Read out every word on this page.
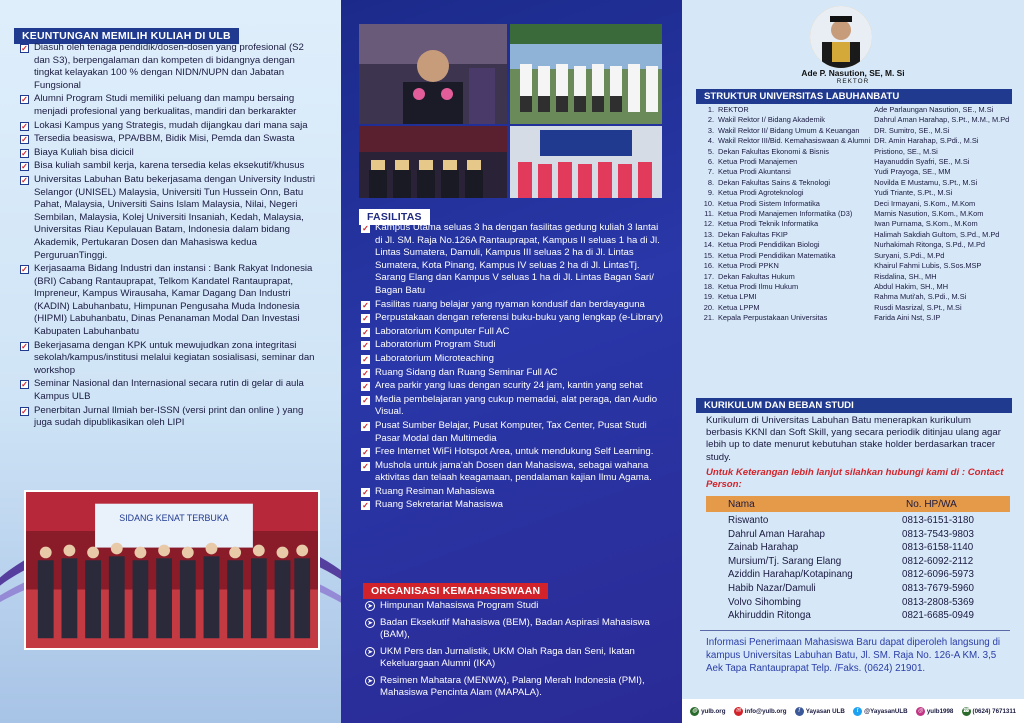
KEUNTUNGAN MEMILIH KULIAH DI ULB
✓ Diasuh oleh tenaga pendidik/dosen-dosen yang profesional (S2 dan S3), berpengalaman dan kompeten di bidangnya dengan tingkat kelayakan 100 % dengan NIDN/NUPN dan Jabatan Fungsional
✓ Alumni Program Studi memiliki peluang dan mampu bersaing menjadi profesional yang berkualitas, mandiri dan berkarakter
✓ Lokasi Kampus yang Strategis, mudah dijangkau dari mana saja
✓ Tersedia beasiswa, PPA/BBM, Bidik Misi, Pemda dan Swasta
✓ Biaya Kuliah bisa dicicil
✓ Bisa kuliah sambil kerja, karena tersedia kelas eksekutif/khusus
✓ Universitas Labuhan Batu bekerjasama dengan University Industri Selangor (UNISEL) Malaysia, Universiti Tun Hussein Onn, Batu Pahat, Malaysia, Universiti Sains Islam Malaysia, Nilai, Negeri Sembilan, Malaysia, Kolej Universiti Insaniah, Kedah, Malaysia, Universitas Riau Kepulauan Batam, Indonesia dalam bidang Akademik, Pertukaran Dosen dan Mahasiswa kedua PerguruanTinggi.
✓ Kerjasaama Bidang Industri dan instansi : Bank Rakyat Indonesia (BRI) Cabang Rantauprapat, Telkom Kandatel Rantauprapat, Impreneur, Kampus Wirausaha, Kamar Dagang Dan Industri (KADIN) Labuhanbatu, Himpunan Pengusaha Muda Indonesia (HIPMI) Labuhanbatu, Dinas Penanaman Modal Dan Investasi Kabupaten Labuhanbatu
✓ Bekerjasama dengan KPK untuk mewujudkan zona integritasi sekolah/kampus/institusi melalui kegiatan sosialisasi, seminar dan workshop
✓ Seminar Nasional dan Internasional secara rutin di gelar di aula Kampus ULB
✓ Penerbitan Jurnal Ilmiah ber-ISSN (versi print dan online ) yang juga sudah dipublikasikan oleh LIPI
SIDANG KENAT TERBUKA
FASILITAS
✓ Kampus Utama seluas 3 ha dengan fasilitas gedung kuliah 3 lantai di Jl. SM. Raja No.126A Rantauprapat, Kampus II seluas 1 ha di Jl. Lintas Sumatera, Damuli, Kampus III seluas 2 ha di Jl. Lintas Sumatera, Kota Pinang, Kampus IV seluas 2 ha di Jl. LintasTj. Sarang Elang dan Kampus V seluas 1 ha di Jl. Lintas Bagan Sari/ Bagan Batu
✓ Fasilitas ruang belajar yang nyaman kondusif dan berdayaguna
✓ Perpustakaan dengan referensi buku-buku yang lengkap (e-Library)
✓ Laboratorium Komputer Full AC
✓ Laboratorium Program Studi
✓ Laboratorium Microteaching
✓ Ruang Sidang dan Ruang Seminar Full AC
✓ Area parkir yang luas dengan scurity 24 jam, kantin yang sehat
✓ Media pembelajaran yang cukup memadai, alat peraga, dan Audio Visual.
✓ Pusat Sumber Belajar, Pusat Komputer, Tax Center, Pusat Studi Pasar Modal dan Multimedia
✓ Free Internet WiFi Hotspot Area, untuk mendukung Self Learning.
✓ Mushola untuk jama'ah Dosen dan Mahasiswa, sebagai wahana aktivitas dan telaah keagamaan, pendalaman kajian Ilmu Agama.
✓ Ruang Resiman Mahasiswa
✓ Ruang Sekretariat Mahasiswa
ORGANISASI KEMAHASISWAAN
➤ Himpunan Mahasiswa Program Studi
➤ Badan Eksekutif Mahasiswa (BEM), Badan Aspirasi Mahasiswa (BAM),
➤ UKM Pers dan Jurnalistik, UKM Olah Raga dan Seni, Ikatan Kekeluargaan Alumni (IKA)
➤ Resimen Mahatara (MENWA), Palang Merah Indonesia (PMI), Mahasiswa Pencinta Alam (MAPALA).
Ade P. Nasution, SE, M. Si
REKTOR
STRUKTUR UNIVERSITAS LABUHANBATU
1.	REKTOR	Ade Parlaungan Nasution, SE., M.Si
2.	Wakil Rektor I/ Bidang Akademik	Dahrul Aman Harahap, S.Pt., M.M., M.Pd
3.	Wakil Rektor II/ Bidang Umum & Keuangan	DR. Sumitro, SE., M.Si
4.	Wakil Rektor III/Bid. Kemahasiswaan & Alumni	DR. Amin Harahap, S.Pdi., M.Si
5.	Dekan Fakultas Ekonomi & Bisnis	Pristiono, SE., M.Si
6.	Ketua Prodi Manajemen	Hayanuddin Syafri, SE., M.Si
7.	Ketua Prodi Akuntansi	Yudi Prayoga, SE., MM
8.	Dekan Fakultas Sains & Teknologi	Novilda E Mustamu, S.Pt., M.Si
9.	Ketua Prodi Agroteknologi	Yudi Triante, S.Pt., M.Si
10.	Ketua Prodi Sistem Informatika	Deci Irmayani, S.Kom., M.Kom
11.	Ketua Prodi Manajemen Informatika (D3)	Marnis Nasution, S.Kom., M.Kom
12.	Ketua Prodi Teknik Informatika	Iwan Purnama, S.Kom., M.Kom
13.	Dekan Fakultas FKIP	Halimah Sakdiah Gultom, S.Pd., M.Pd
14.	Ketua Prodi Pendidikan Biologi	Nurhakimah Ritonga, S.Pd., M.Pd
15.	Ketua Prodi Pendidikan Matematika	Suryani, S.Pdi., M.Pd
16.	Ketua Prodi PPKN	Khairul Fahmi Lubis, S.Sos.MSP
17.	Dekan Fakultas Hukum	Risdalina, SH., MH
18.	Ketua Prodi Ilmu Hukum	Abdul Hakim, SH., MH
19.	Ketua LPMI	Rahma Muti'ah, S.Pdi., M.Si
20.	Ketua LPPM	Rusdi Masrizal, S.Pt., M.Si
21.	Kepala Perpustakaan Universitas	Farida Aini Nst, S.IP
KURIKULUM DAN BEBAN STUDI
Kurikulum di Universitas Labuhan Batu menerapkan kurikulum berbasis KKNI dan Soft Skill, yang secara periodik ditinjau ulang agar lebih up to date menurut kebutuhan stake holder berdasarkan tracer study.
Untuk Keterangan lebih lanjut silahkan hubungi kami di : Contact Person:
Nama	No. HP/WA
Riswanto	0813-6151-3180
Dahrul Aman Harahap	0813-7543-9803
Zainab Harahap	0813-6158-1140
Mursium/Tj. Sarang Elang	0812-6092-2112
Aziddin Harahap/Kotapinang	0812-6096-5973
Habib Nazar/Damuli	0813-7679-5960
Volvo Sihombing	0813-2808-5369
Akhiruddin Ritonga	0821-6685-0949
Informasi Penerimaan Mahasiswa Baru dapat diperoleh langsung di kampus Universitas Labuhan Batu, Jl. SM. Raja No. 126-A KM. 3,5 Aek Tapa Rantauprapat Telp. /Faks. (0624) 21901.
◍ yulb.org	✉ info@yulb.org	f Yayasan ULB	t @YayasanULB	◎ yulb1998 ☎ (0624) 7671311
